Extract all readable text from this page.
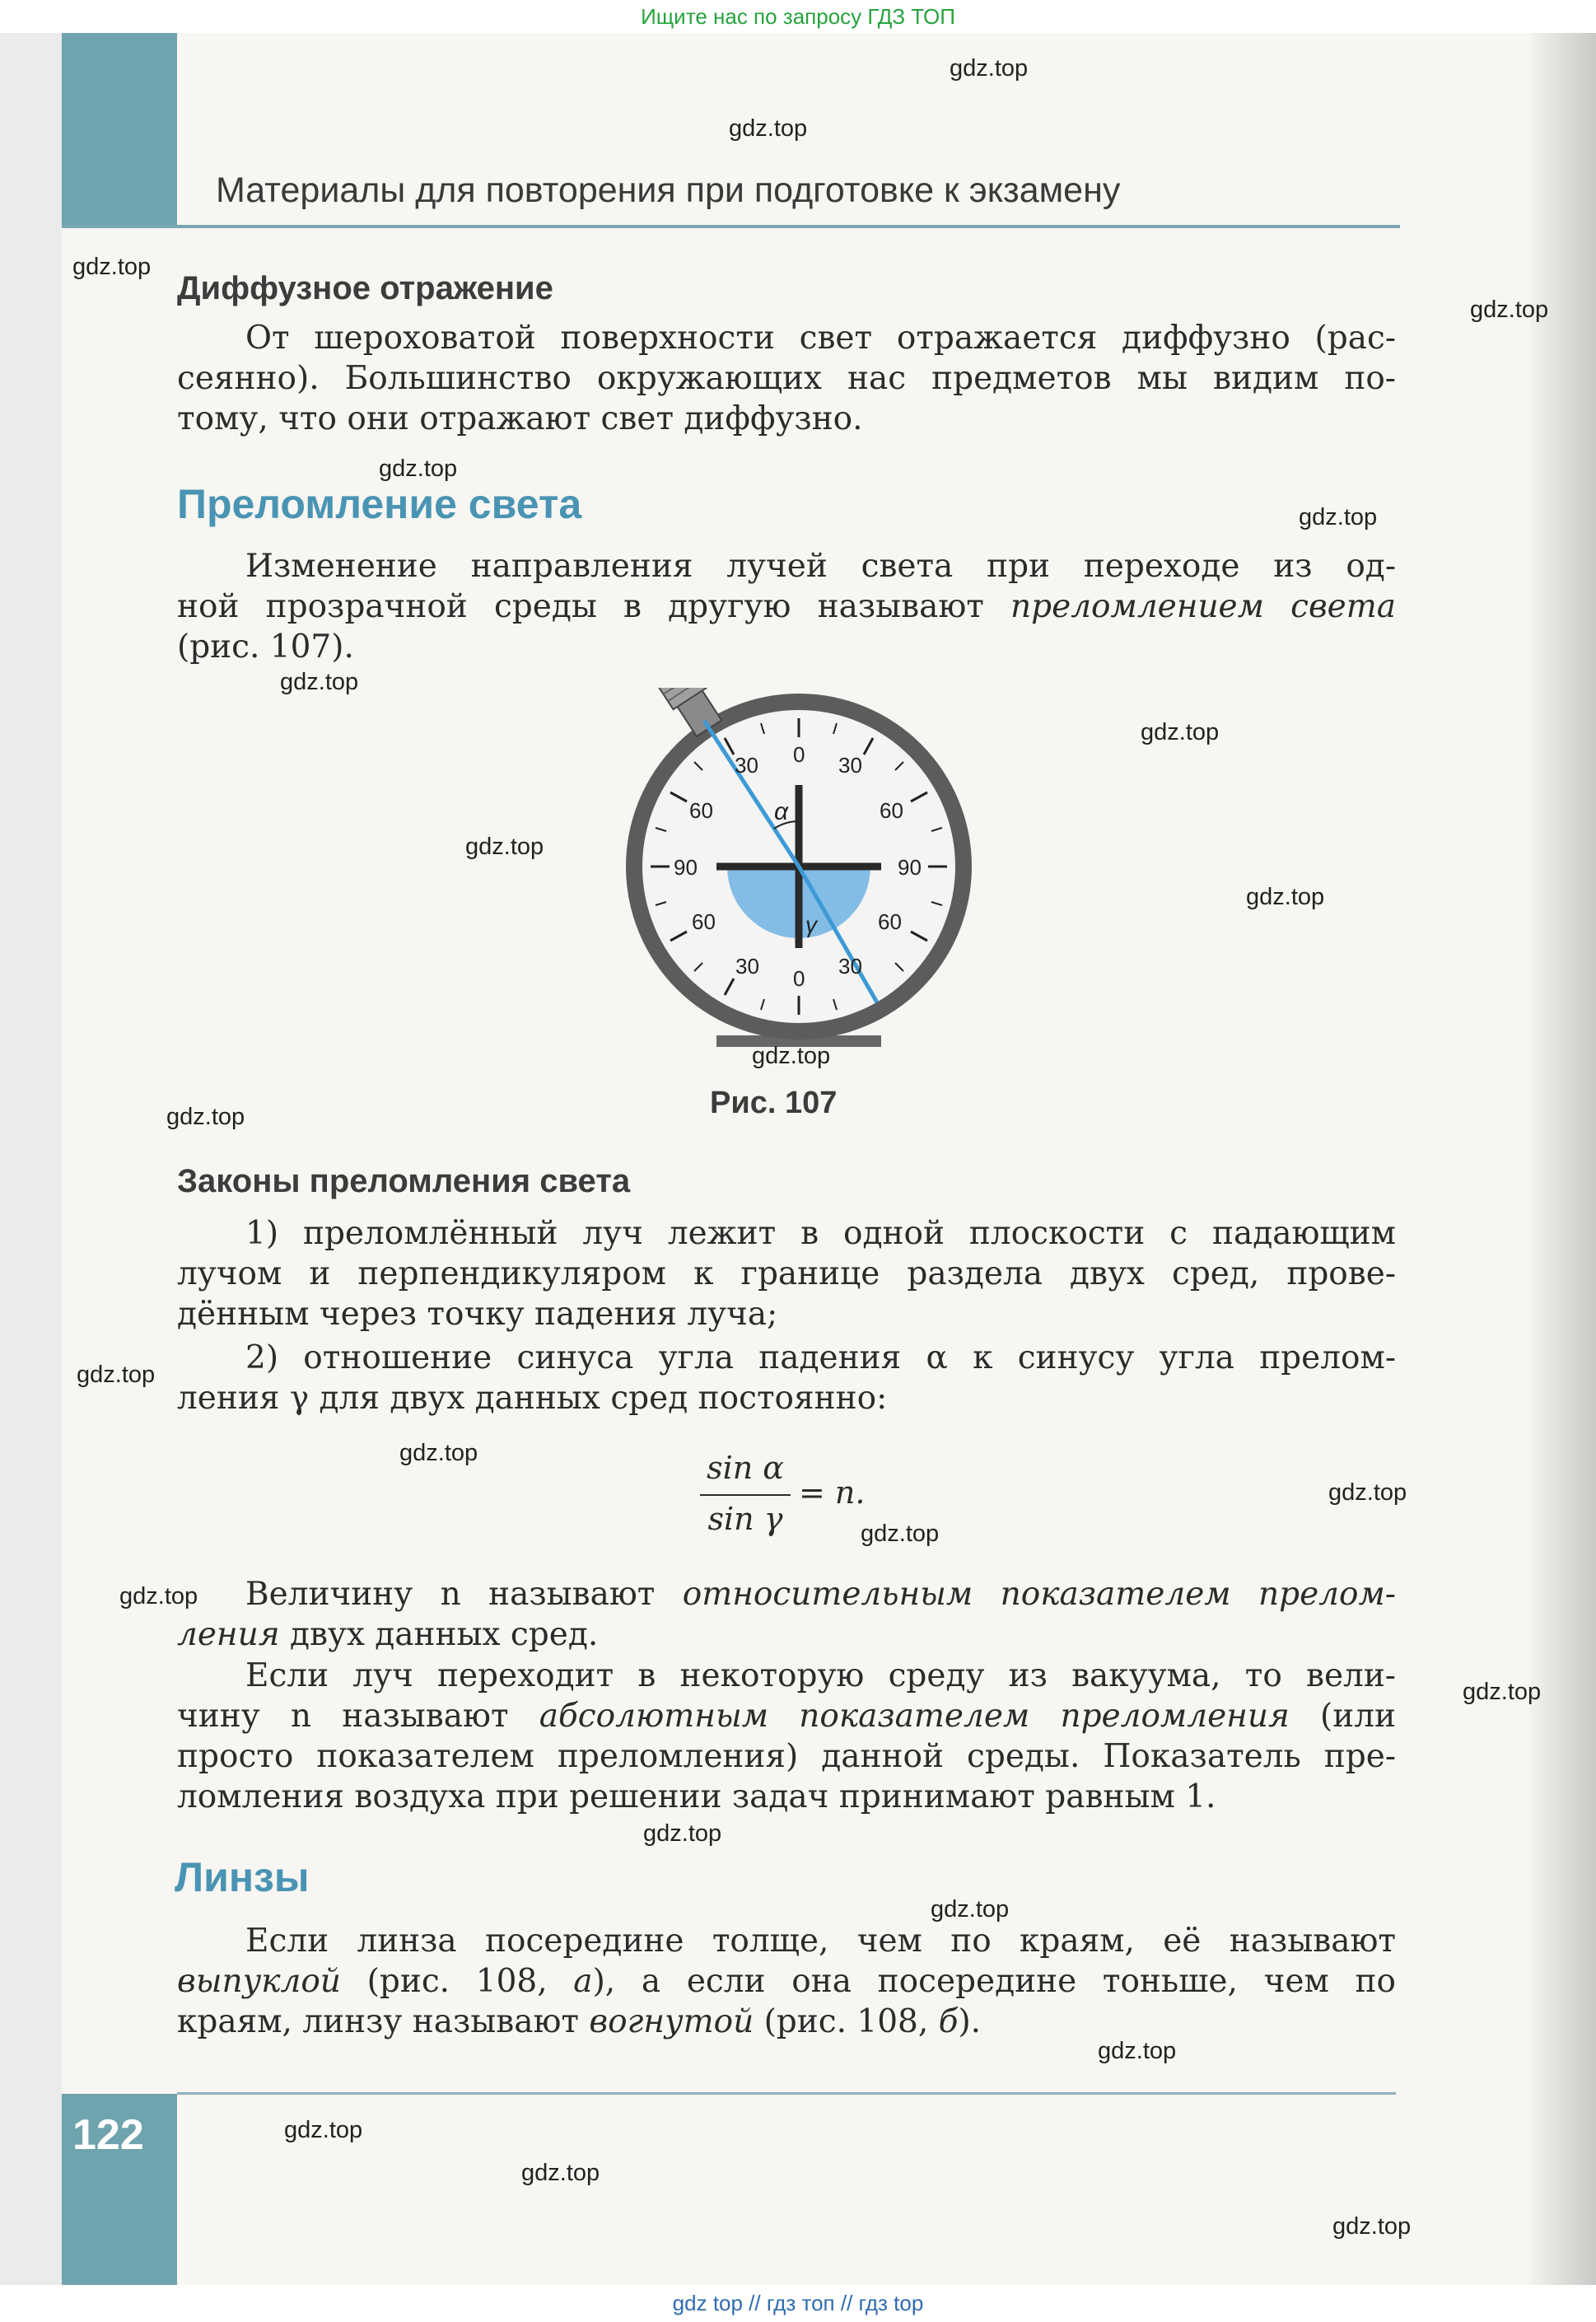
Ищите нас по запросу ГДЗ ТОП
Материалы для повторения при подготовке к экзамену
Диффузное отражение
От шероховатой поверхности свет отражается диффузно (рас-
сеянно). Большинство окружающих нас предметов мы видим по-
тому, что они отражают свет диффузно.
Преломление света
Изменение направления лучей света при переходе из од-
ной прозрачной среды в другую называют преломлением света
(рис. 107).
0
30	30
60	60
90	90
60	60
30	30
0
α
γ
Рис. 107
Законы преломления света
1) преломлённый луч лежит в одной плоскости с падающим
лучом и перпендикуляром к границе раздела двух сред, прове-
дённым через точку падения луча;
2) отношение синуса угла падения α к синусу угла прелом-
ления γ для двух данных сред постоянно:
sin α
sin γ
= n.
Величину n называют относительным показателем прелом-
ления двух данных сред.
Если луч переходит в некоторую среду из вакуума, то вели-
чину n называют абсолютным показателем преломления (или
просто показателем преломления) данной среды. Показатель пре-
ломления воздуха при решении задач принимают равным 1.
Линзы
Если линза посередине толще, чем по краям, её называют
выпуклой (рис. 108, а), а если она посередине тоньше, чем по
краям, линзу называют вогнутой (рис. 108, б).
122
gdz.top
gdz.top
gdz.top
gdz.top
gdz.top
gdz.top
gdz.top
gdz.top
gdz.top
gdz.top
gdz.top
gdz.top
gdz.top
gdz.top
gdz.top
gdz.top
gdz.top
gdz.top
gdz.top
gdz.top
gdz.top
gdz.top
gdz.top
gdz.top
gdz top // гдз топ // гдз top
